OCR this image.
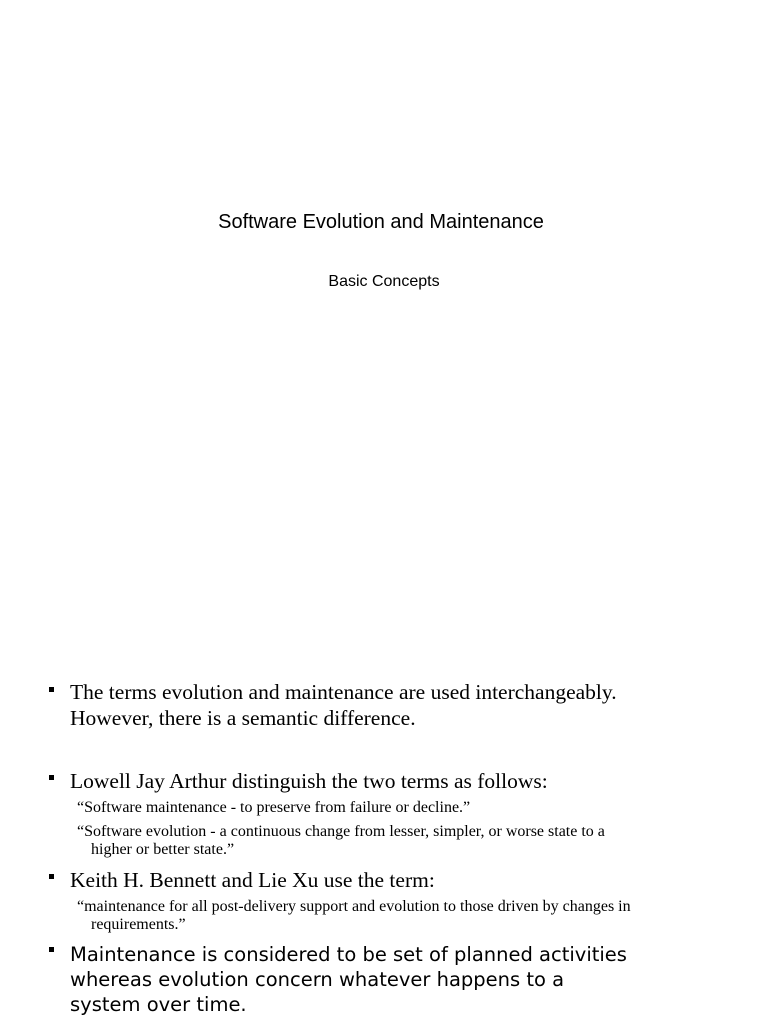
Software Evolution and Maintenance
Basic Concepts
The terms evolution and maintenance are used interchangeably. However, there is a semantic difference.
Lowell Jay Arthur distinguish the two terms as follows:
“Software maintenance - to preserve from failure or decline.”
“Software evolution - a continuous change from lesser, simpler, or worse state to a higher or better state.”
Keith H. Bennett and Lie Xu use the term:
“maintenance for all post-delivery support and evolution to those driven by changes in requirements.”
Maintenance is considered to be set of planned activities whereas evolution concern whatever happens to a system over time.
